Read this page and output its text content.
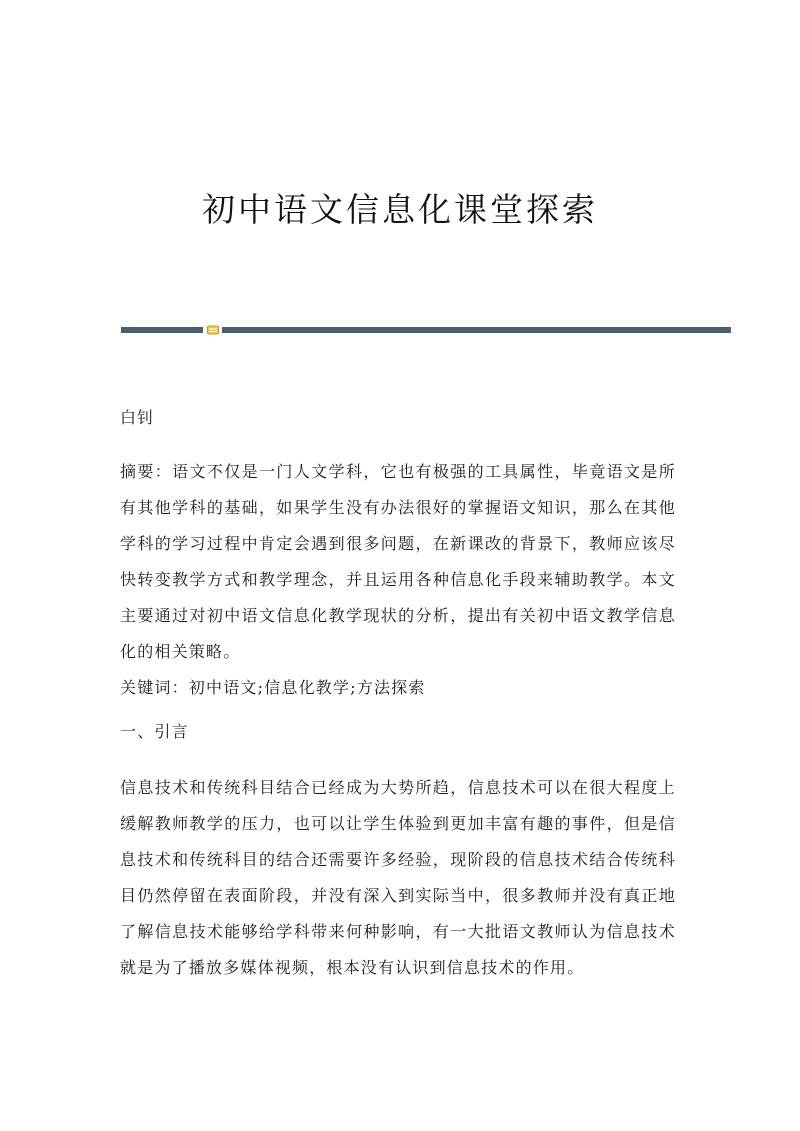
初中语文信息化课堂探索
白钊

摘要：语文不仅是一门人文学科，它也有极强的工具属性，毕竟语文是所有其他学科的基础，如果学生没有办法很好的掌握语文知识，那么在其他学科的学习过程中肯定会遇到很多问题，在新课改的背景下，教师应该尽快转变教学方式和教学理念，并且运用各种信息化手段来辅助教学。本文主要通过对初中语文信息化教学现状的分析，提出有关初中语文教学信息化的相关策略。

关键词：初中语文;信息化教学;方法探索

一、引言

信息技术和传统科目结合已经成为大势所趋，信息技术可以在很大程度上缓解教师教学的压力，也可以让学生体验到更加丰富有趣的事件，但是信息技术和传统科目的结合还需要许多经验，现阶段的信息技术结合传统科目仍然停留在表面阶段，并没有深入到实际当中，很多教师并没有真正地了解信息技术能够给学科带来何种影响，有一大批语文教师认为信息技术就是为了播放多媒体视频，根本没有认识到信息技术的作用。
